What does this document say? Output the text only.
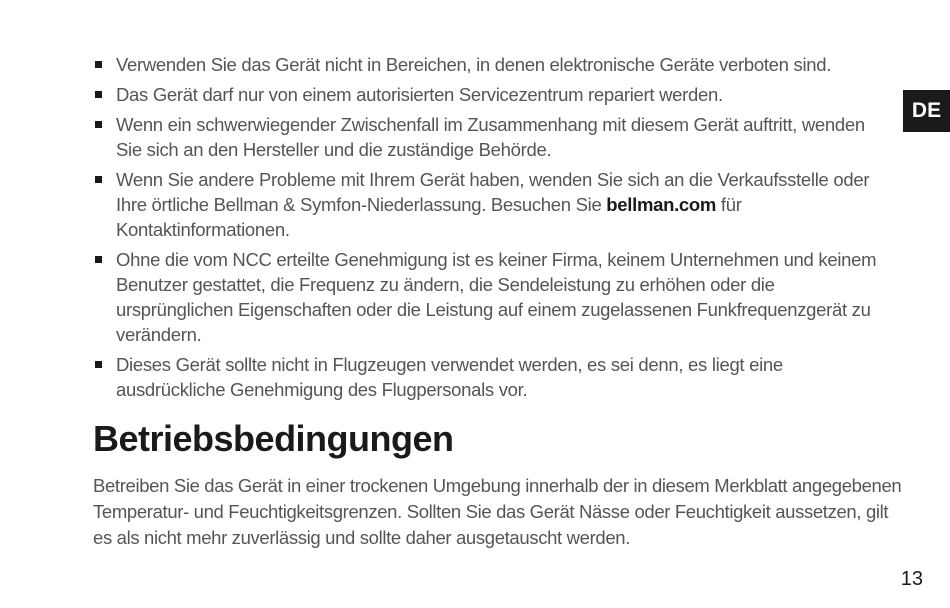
Verwenden Sie das Gerät nicht in Bereichen, in denen elektronische Geräte verboten sind.
Das Gerät darf nur von einem autorisierten Servicezentrum repariert werden.
Wenn ein schwerwiegender Zwischenfall im Zusammenhang mit diesem Gerät auftritt, wenden Sie sich an den Hersteller und die zuständige Behörde.
Wenn Sie andere Probleme mit Ihrem Gerät haben, wenden Sie sich an die Verkaufsstelle oder Ihre örtliche Bellman & Symfon-Niederlassung. Besuchen Sie bellman.com für Kontaktinformationen.
Ohne die vom NCC erteilte Genehmigung ist es keiner Firma, keinem Unternehmen und keinem Benutzer gestattet, die Frequenz zu ändern, die Sendeleistung zu erhöhen oder die ursprünglichen Eigenschaften oder die Leistung auf einem zugelassenen Funkfrequenzgerät zu verändern.
Dieses Gerät sollte nicht in Flugzeugen verwendet werden, es sei denn, es liegt eine ausdrückliche Genehmigung des Flugpersonals vor.
Betriebsbedingungen

Betreiben Sie das Gerät in einer trockenen Umgebung innerhalb der in diesem Merkblatt angegebenen Temperatur- und Feuchtigkeitsgrenzen. Sollten Sie das Gerät Nässe oder Feuchtigkeit aussetzen, gilt es als nicht mehr zuverlässig und sollte daher ausgetauscht werden.

DE
13
